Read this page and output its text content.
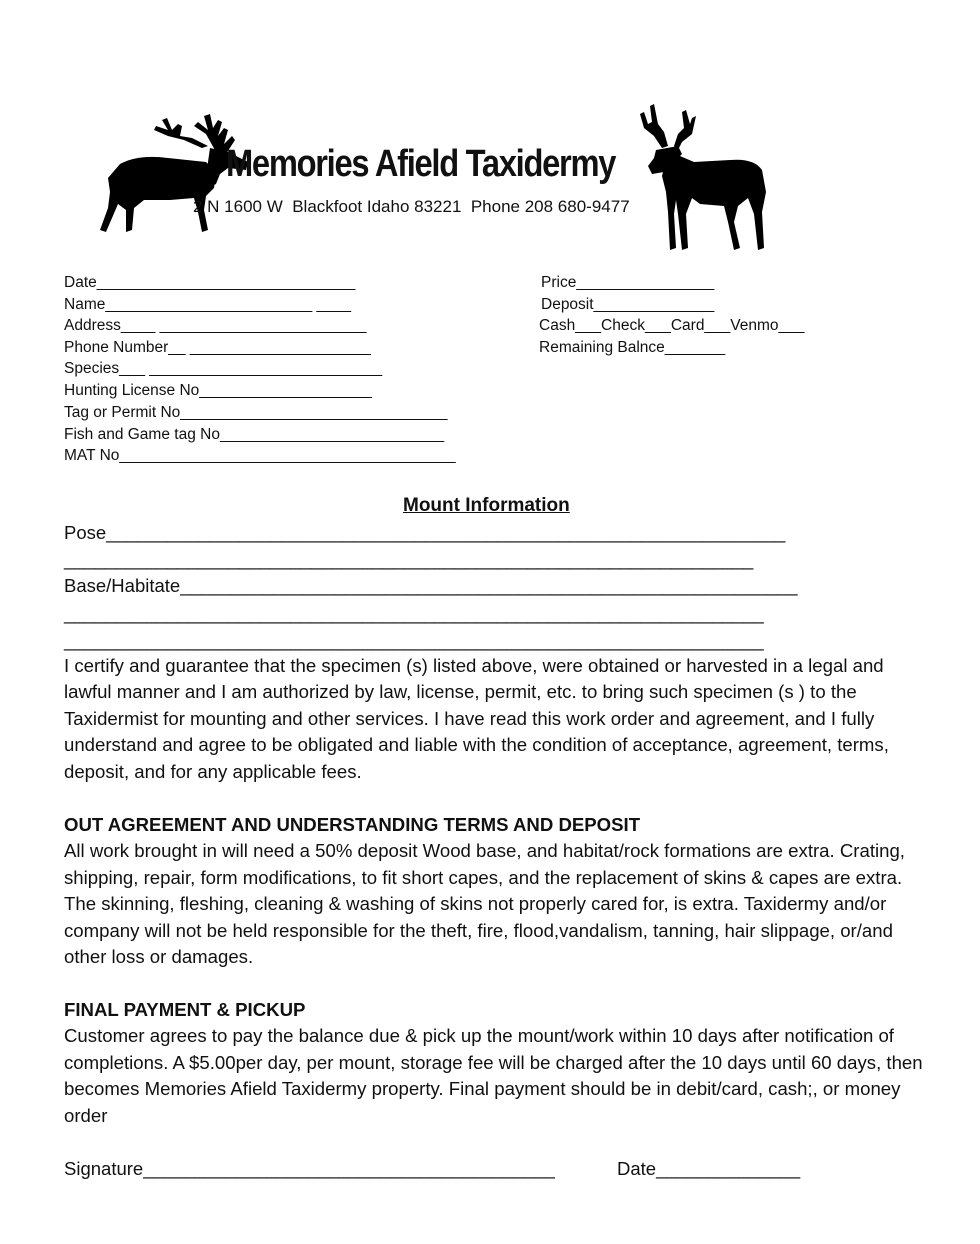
Memories Afield Taxidermy
2 N 1600 W  Blackfoot Idaho 83221  Phone 208 680-9477
Date______________________________
Name________________________ ____
Address____ ________________________
Phone Number__ _____________________
Species___ ___________________________
Hunting License No____________________
Tag or Permit No_______________________________
Fish and Game tag No__________________________
MAT No_______________________________________
Price________________
Deposit______________
Cash___Check___Card___Venmo___
Remaining Balnce_______
Mount Information
Pose__________________________________________________________________
___________________________________________________________________
Base/Habitate____________________________________________________________
____________________________________________________________________
____________________________________________________________________
I certify and guarantee that the specimen (s) listed above, were obtained or harvested in a legal and lawful manner and I am authorized by law, license, permit, etc. to bring such specimen (s ) to the Taxidermist for mounting and other services. I have read this work order and agreement, and I fully understand and agree to be obligated and liable with the condition of acceptance, agreement, terms, deposit, and for any applicable fees.
OUT AGREEMENT AND UNDERSTANDING TERMS AND DEPOSIT
All work brought in will need a 50% deposit Wood base, and habitat/rock formations are extra. Crating, shipping, repair, form modifications, to fit short capes, and the replacement of skins & capes are extra. The skinning, fleshing, cleaning & washing of skins not properly cared for, is extra. Taxidermy and/or company will not be held responsible for the theft, fire, flood,vandalism, tanning, hair slippage, or/and other loss or damages.
FINAL PAYMENT & PICKUP
Customer agrees to pay the balance due & pick up the mount/work within 10 days after notification of completions. A $5.00per day, per mount, storage fee will be charged after the 10 days until 60 days, then becomes Memories Afield Taxidermy property. Final payment should be in debit/card, cash;, or money order
Signature________________________________________	Date______________
